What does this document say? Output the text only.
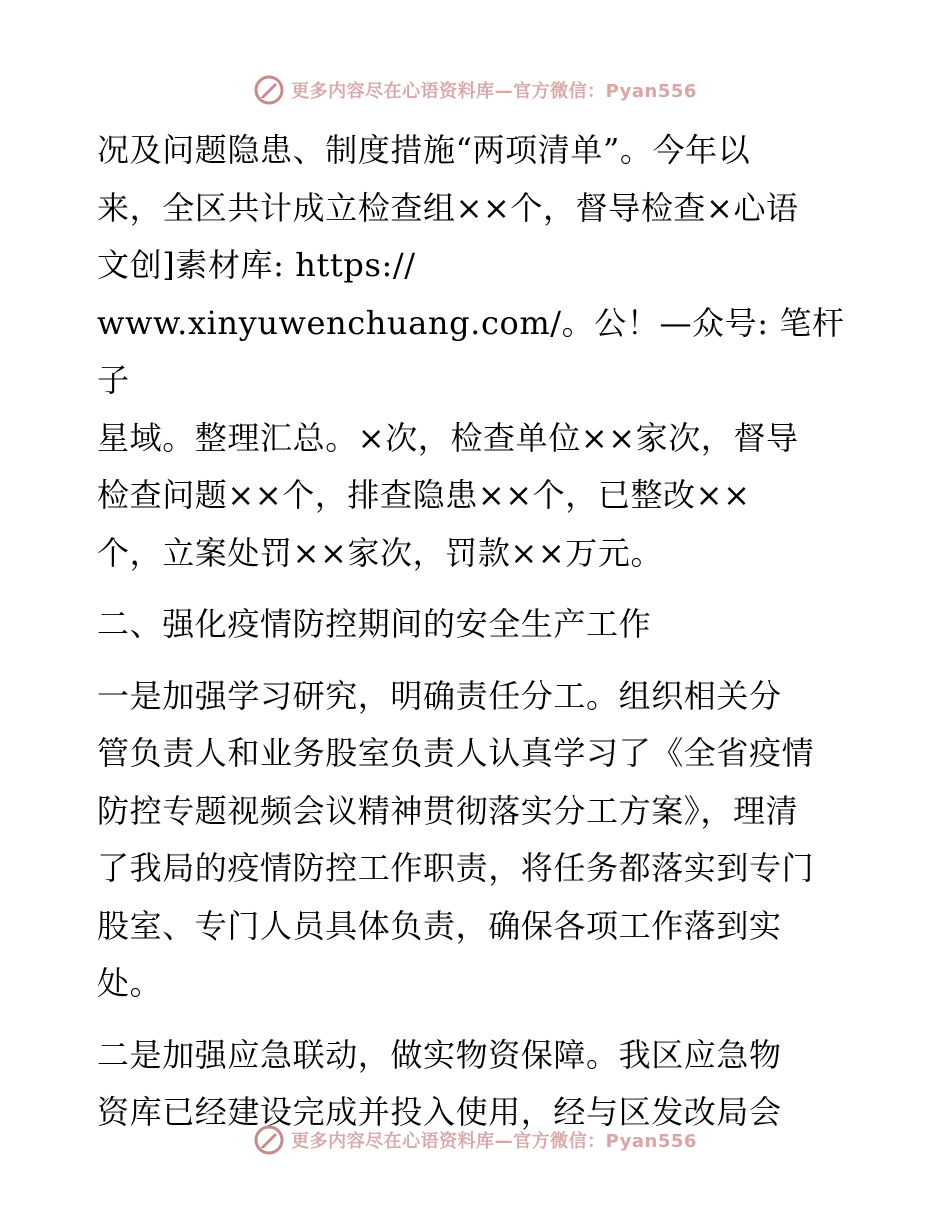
更多内容尽在心语资料库—官方微信：Pyan556
况及问题隐患、制度措施“两项清单”。今年以
来，全区共计成立检查组××个，督导检查×心语
文创]素材库: https://
www.xinyuwenchuang.com/。公！—众号: 笔杆子
星域。整理汇总。×次，检查单位××家次，督导
检查问题××个，排查隐患××个，已整改××
个，立案处罚××家次，罚款××万元。
二、强化疫情防控期间的安全生产工作
一是加强学习研究，明确责任分工。组织相关分
管负责人和业务股室负责人认真学习了《全省疫情
防控专题视频会议精神贯彻落实分工方案》，理清
了我局的疫情防控工作职责，将任务都落实到专门
股室、专门人员具体负责，确保各项工作落到实
处。
二是加强应急联动，做实物资保障。我区应急物
资库已经建设完成并投入使用，经与区发改局会
更多内容尽在心语资料库—官方微信：Pyan556
